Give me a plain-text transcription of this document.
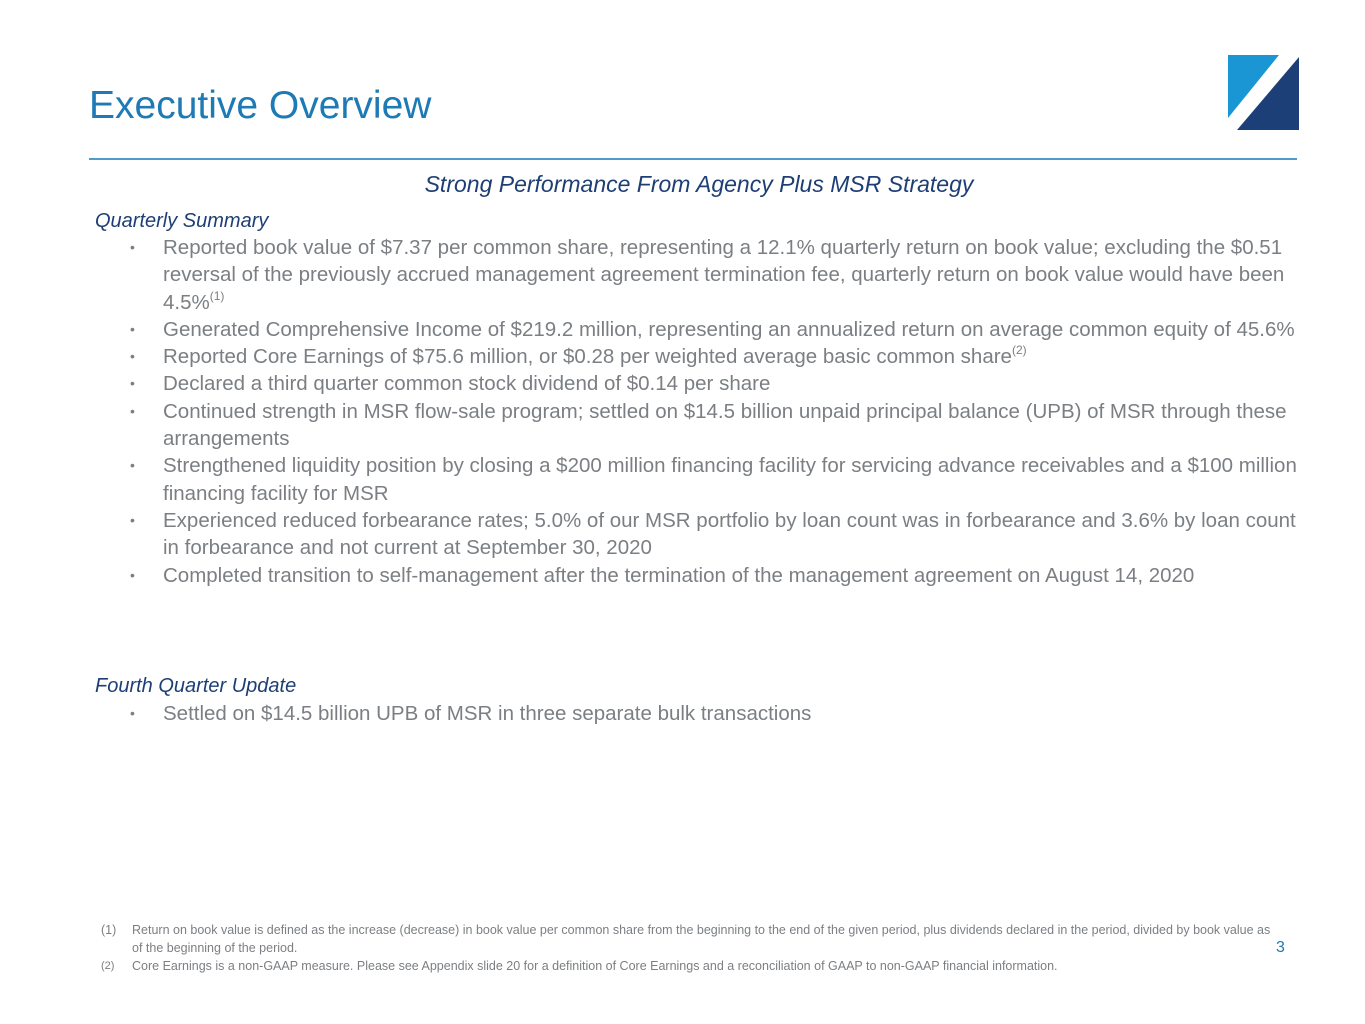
Executive Overview
Strong Performance From Agency Plus MSR Strategy
Quarterly Summary
• Reported book value of $7.37 per common share, representing a 12.1% quarterly return on book value; excluding the $0.51 reversal of the previously accrued management agreement termination fee, quarterly return on book value would have been 4.5%$^{(1)}$
• Generated Comprehensive Income of $219.2 million, representing an annualized return on average common equity of 45.6%
• Reported Core Earnings of $75.6 million, or $0.28 per weighted average basic common share$^{(2)}$
• Declared a third quarter common stock dividend of $0.14 per share
• Continued strength in MSR flow-sale program; settled on $14.5 billion unpaid principal balance (UPB) of MSR through these arrangements
• Strengthened liquidity position by closing a $200 million financing facility for servicing advance receivables and a $100 million financing facility for MSR
• Experienced reduced forbearance rates; 5.0% of our MSR portfolio by loan count was in forbearance and 3.6% by loan count in forbearance and not current at September 30, 2020
• Completed transition to self-management after the termination of the management agreement on August 14, 2020
Fourth Quarter Update
• Settled on $14.5 billion UPB of MSR in three separate bulk transactions
(1) Return on book value is defined as the increase (decrease) in book value per common share from the beginning to the end of the given period, plus dividends declared in the period, divided by book value as of the beginning of the period.
(2) Core Earnings is a non-GAAP measure. Please see Appendix slide 20 for a definition of Core Earnings and a reconciliation of GAAP to non-GAAP financial information.
3
